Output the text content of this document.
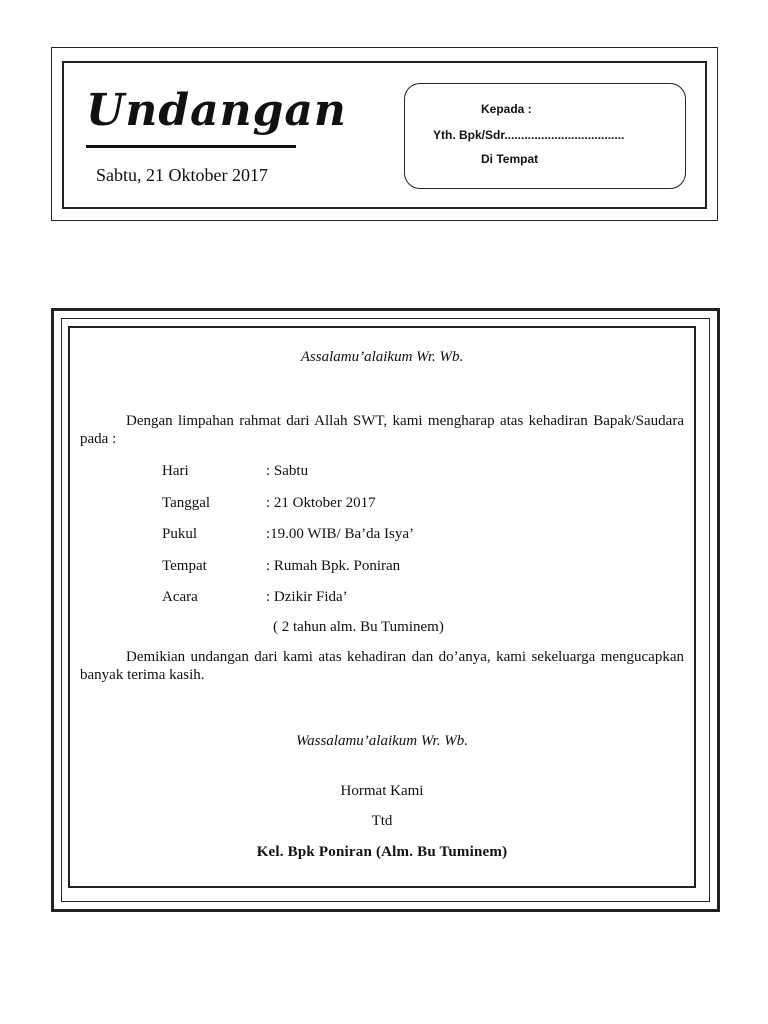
Undangan
Sabtu, 21 Oktober 2017
Kepada :
Yth. Bpk/Sdr....................................
Di Tempat
Assalamu’alaikum Wr. Wb.
Dengan limpahan rahmat dari Allah SWT, kami mengharap atas kehadiran Bapak/Saudara pada :
Hari	: Sabtu
Tanggal	: 21 Oktober 2017
Pukul	:19.00 WIB/ Ba’da Isya’
Tempat	: Rumah Bpk. Poniran
Acara	: Dzikir Fida’
( 2 tahun alm. Bu Tuminem)
Demikian undangan dari kami atas kehadiran dan do’anya, kami sekeluarga mengucapkan banyak terima kasih.
Wassalamu’alaikum Wr. Wb.
Hormat Kami
Ttd
Kel. Bpk Poniran (Alm. Bu Tuminem)
